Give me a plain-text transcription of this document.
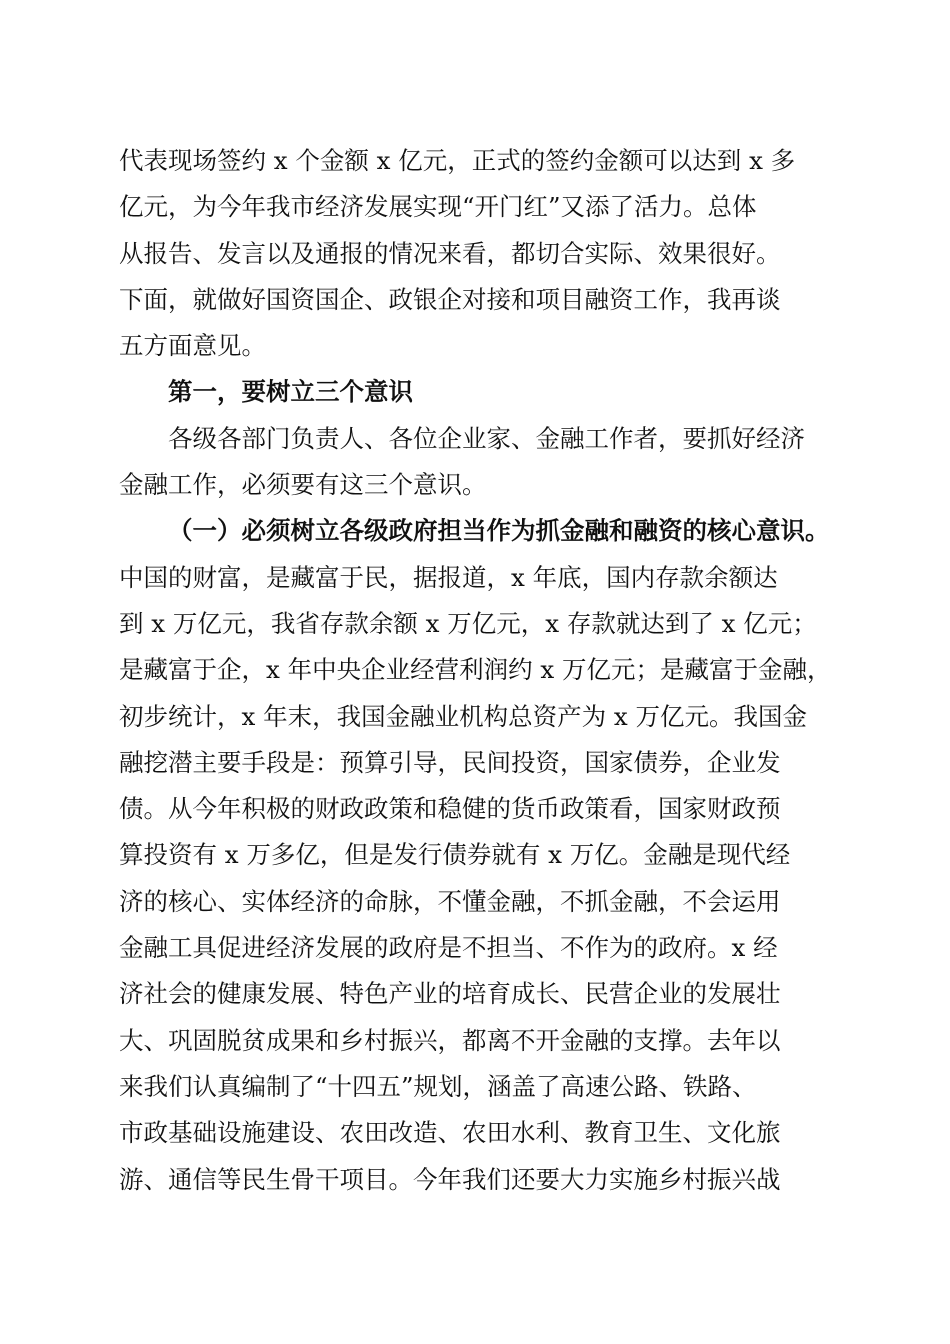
代表现场签约 x 个金额 x 亿元，正式的签约金额可以达到 x 多
亿元，为今年我市经济发展实现“开门红”又添了活力。总体
从报告、发言以及通报的情况来看，都切合实际、效果很好。
下面，就做好国资国企、政银企对接和项目融资工作，我再谈
五方面意见。
第一，要树立三个意识
各级各部门负责人、各位企业家、金融工作者，要抓好经济
金融工作，必须要有这三个意识。
（一）必须树立各级政府担当作为抓金融和融资的核心意识。
中国的财富，是藏富于民，据报道，x 年底，国内存款余额达
到 x 万亿元，我省存款余额 x 万亿元，x 存款就达到了 x 亿元；
是藏富于企，x 年中央企业经营利润约 x 万亿元；是藏富于金融，
初步统计，x 年末，我国金融业机构总资产为 x 万亿元。我国金
融挖潜主要手段是：预算引导，民间投资，国家债券，企业发
债。从今年积极的财政政策和稳健的货币政策看，国家财政预
算投资有 x 万多亿，但是发行债券就有 x 万亿。金融是现代经
济的核心、实体经济的命脉，不懂金融，不抓金融，不会运用
金融工具促进经济发展的政府是不担当、不作为的政府。x 经
济社会的健康发展、特色产业的培育成长、民营企业的发展壮
大、巩固脱贫成果和乡村振兴，都离不开金融的支撑。去年以
来我们认真编制了“十四五”规划，涵盖了高速公路、铁路、
市政基础设施建设、农田改造、农田水利、教育卫生、文化旅
游、通信等民生骨干项目。今年我们还要大力实施乡村振兴战
